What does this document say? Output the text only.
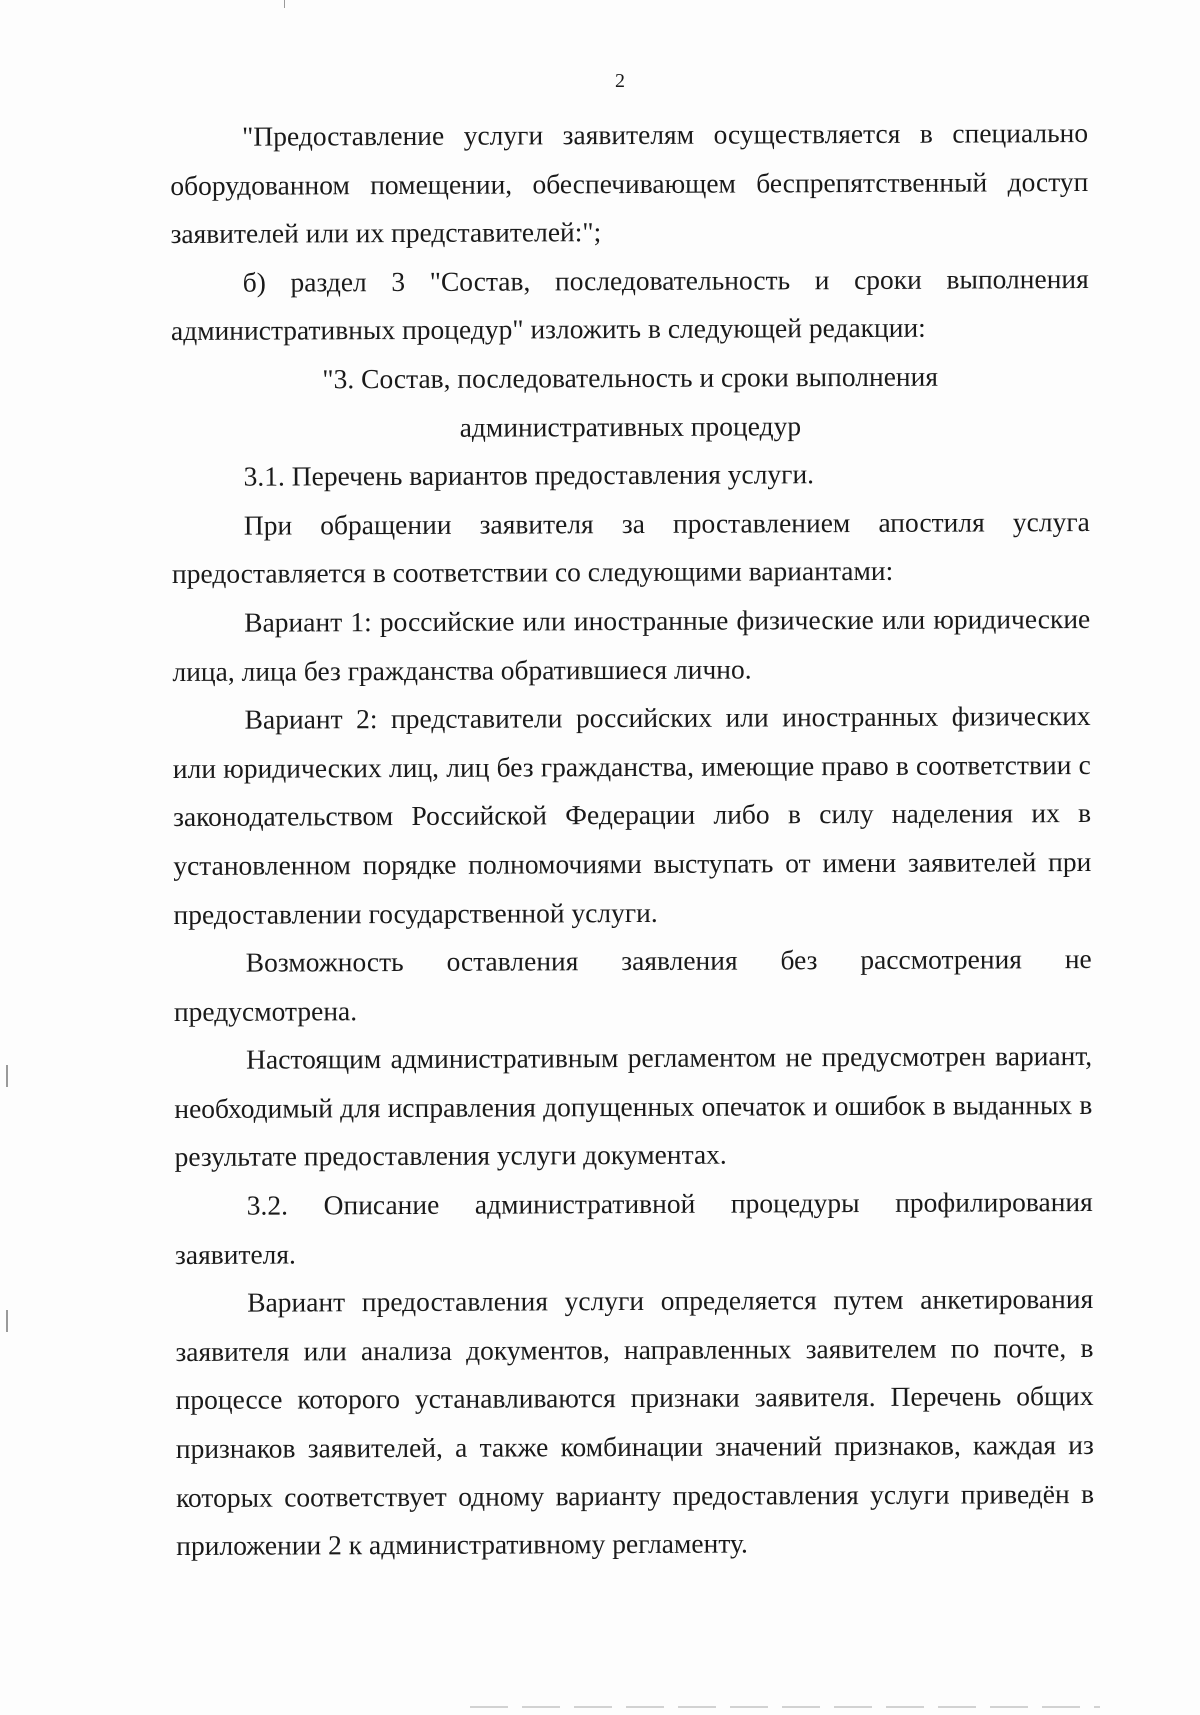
2

"Предоставление услуги заявителям осуществляется в специально оборудованном помещении, обеспечивающем беспрепятственный доступ заявителей или их представителей:";

б) раздел 3 "Состав, последовательность и сроки выполнения административных процедур" изложить в следующей редакции:

"3. Состав, последовательность и сроки выполнения

административных процедур

3.1. Перечень вариантов предоставления услуги.

При обращении заявителя за проставлением апостиля услуга предоставляется в соответствии со следующими вариантами:

Вариант 1: российские или иностранные физические или юридические лица, лица без гражданства обратившиеся лично.

Вариант 2: представители российских или иностранных физических или юридических лиц, лиц без гражданства, имеющие право в соответствии с законодательством Российской Федерации либо в силу наделения их в установленном порядке полномочиями выступать от имени заявителей при предоставлении государственной услуги.

Возможность оставления заявления без рассмотрения не предусмотрена.

Настоящим административным регламентом не предусмотрен вариант, необходимый для исправления допущенных опечаток и ошибок в выданных в результате предоставления услуги документах.

3.2. Описание административной процедуры профилирования заявителя.

Вариант предоставления услуги определяется путем анкетирования заявителя или анализа документов, направленных заявителем по почте, в процессе которого устанавливаются признаки заявителя. Перечень общих признаков заявителей, а также комбинации значений признаков, каждая из которых соответствует одному варианту предоставления услуги приведён в приложении 2 к административному регламенту.
